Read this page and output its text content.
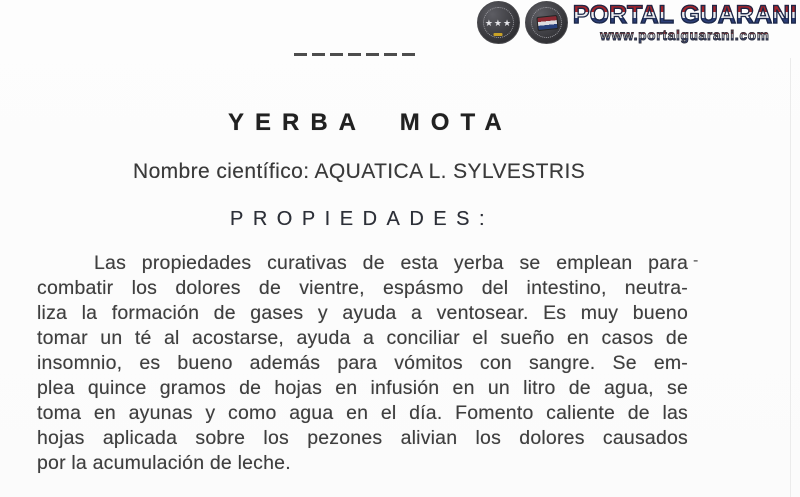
★★★ PORTAL GUARANI
www.portalguarani.com
YERBA MOTA
Nombre científico: AQUATICA L. SYLVESTRIS
PROPIEDADES:
Las propiedades curativas de esta yerba se emplean para
combatir los dolores de vientre, espásmo del intestino, neutra-
liza la formación de gases y ayuda a ventosear. Es muy bueno
tomar un té al acostarse, ayuda a conciliar el sueño en casos de
insomnio, es bueno además para vómitos con sangre. Se em-
plea quince gramos de hojas en infusión en un litro de agua, se
toma en ayunas y como agua en el día. Fomento caliente de las
hojas aplicada sobre los pezones alivian los dolores causados
por la acumulación de leche.
-
